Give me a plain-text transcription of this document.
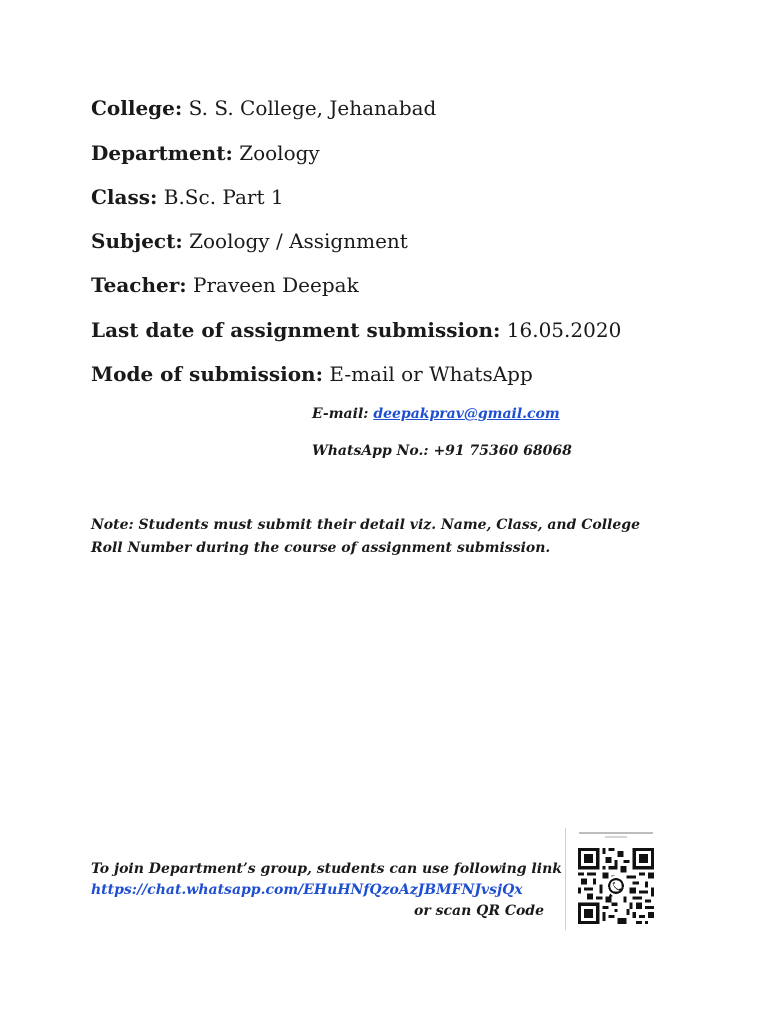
College: S. S. College, Jehanabad
Department: Zoology
Class: B.Sc. Part 1
Subject: Zoology / Assignment
Teacher: Praveen Deepak
Last date of assignment submission: 16.05.2020
Mode of submission: E-mail or WhatsApp
E-mail: deepakprav@gmail.com
WhatsApp No.: +91 75360 68068
Note: Students must submit their detail viz. Name, Class, and College Roll Number during the course of assignment submission.
To join Department’s group, students can use following link
https://chat.whatsapp.com/EHuHNfQzoAzJBMFNJvsjQx
or scan QR Code
